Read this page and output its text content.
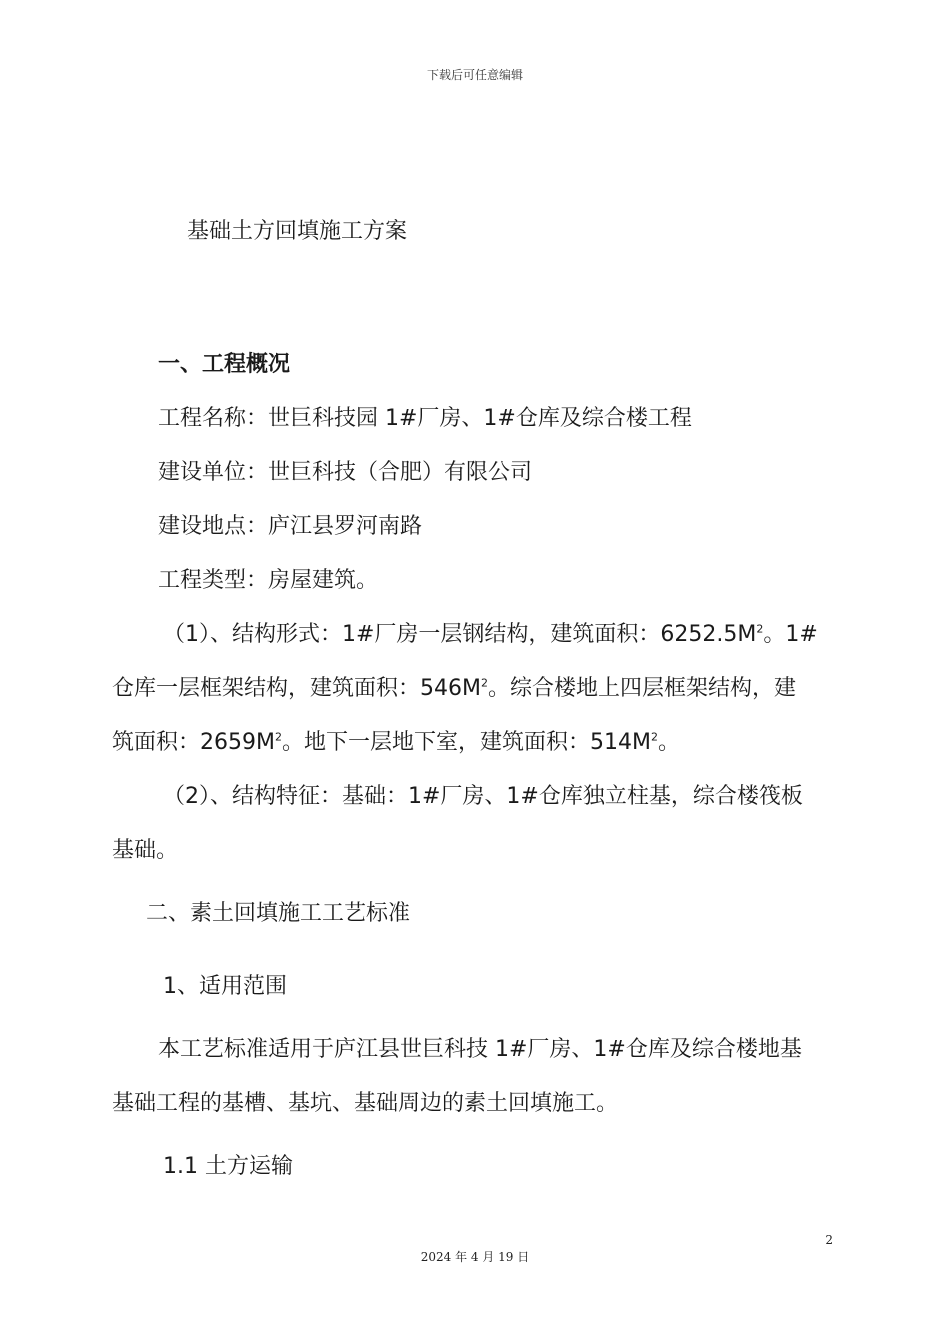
下载后可任意编辑
基础土方回填施工方案
一、工程概况

工程名称：世巨科技园 1#厂房、1#仓库及综合楼工程

建设单位：世巨科技（合肥）有限公司

建设地点：庐江县罗河南路

工程类型：房屋建筑。

（1）、结构形式：1#厂房一层钢结构，建筑面积：$6252.5M^2$。1#

仓库一层框架结构，建筑面积：$546M^2$。综合楼地上四层框架结构，建

筑面积：$2659M^2$。地下一层地下室，建筑面积：$514M^2$。

（2）、结构特征：基础：1#厂房、1#仓库独立柱基，综合楼筏板

基础。

二、素土回填施工工艺标准
1、适用范围

本工艺标准适用于庐江县世巨科技 1#厂房、1#仓库及综合楼地基

基础工程的基槽、基坑、基础周边的素土回填施工。

1.1 土方运输
2
2024 年 4 月 19 日
